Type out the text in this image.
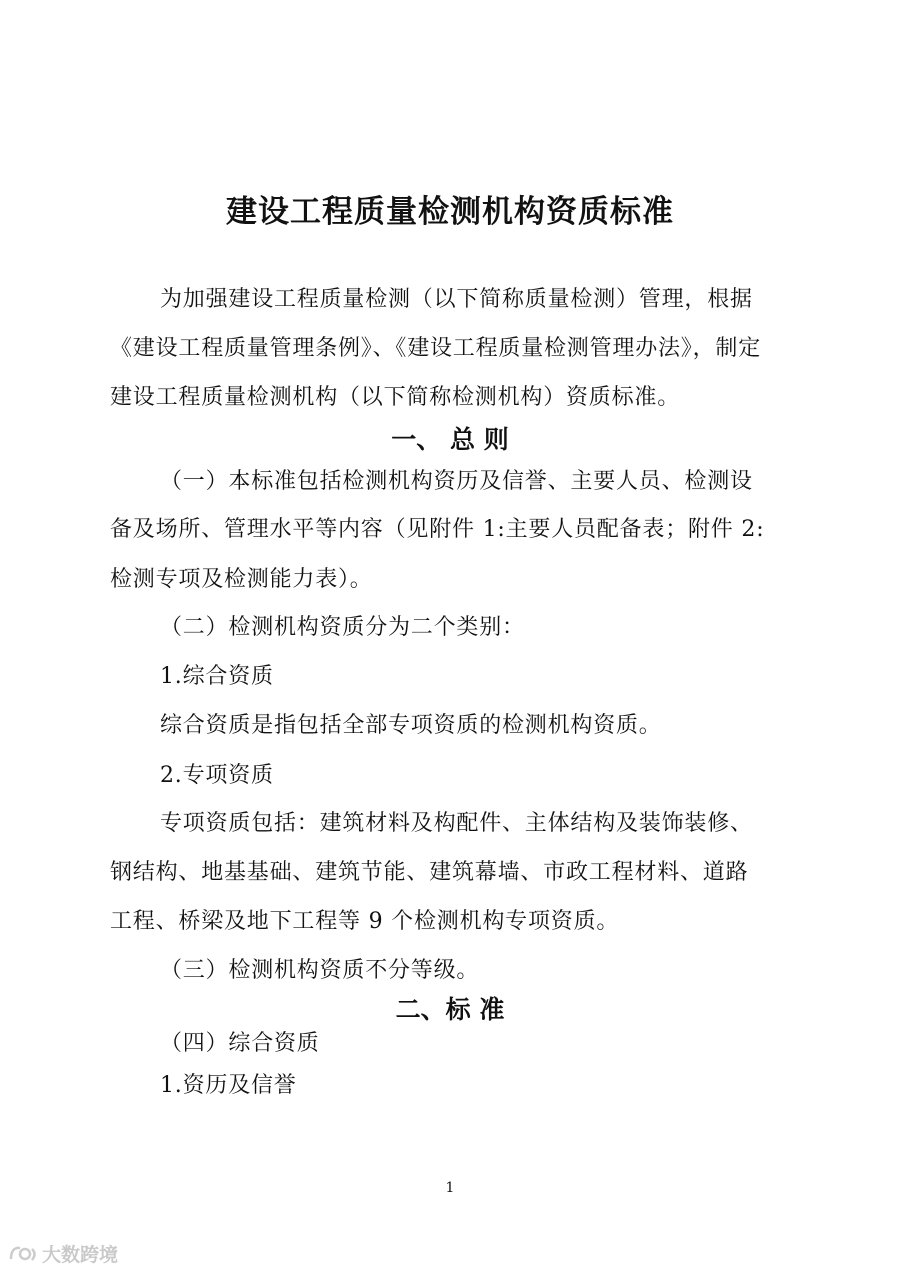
建设工程质量检测机构资质标准
为加强建设工程质量检测（以下简称质量检测）管理，根据
《建设工程质量管理条例》、《建设工程质量检测管理办法》，制定
建设工程质量检测机构（以下简称检测机构）资质标准。
一、 总 则
（一）本标准包括检测机构资历及信誉、主要人员、检测设
备及场所、管理水平等内容（见附件 1:主要人员配备表；附件 2:
检测专项及检测能力表）。
（二）检测机构资质分为二个类别：
1.综合资质
综合资质是指包括全部专项资质的检测机构资质。
2.专项资质
专项资质包括：建筑材料及构配件、主体结构及装饰装修、
钢结构、地基基础、建筑节能、建筑幕墙、市政工程材料、道路
工程、桥梁及地下工程等 9 个检测机构专项资质。
（三）检测机构资质不分等级。
二、标 准
（四）综合资质
1.资历及信誉
1
大数跨境
